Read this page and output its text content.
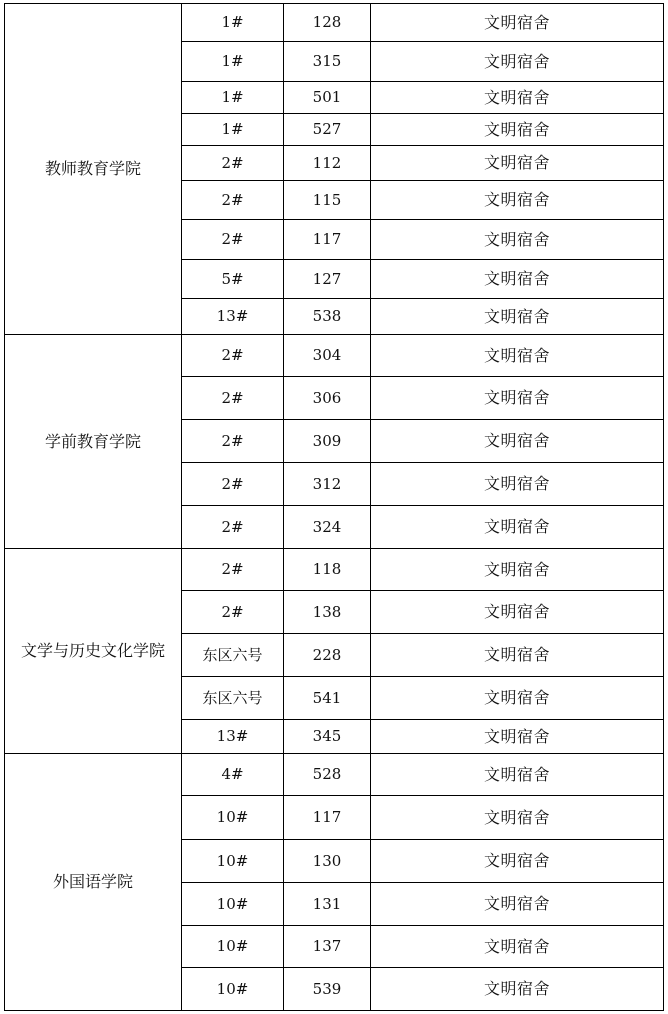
教师教育学院	1#	128	文明宿舍
	1#	315	文明宿舍
	1#	501	文明宿舍
	1#	527	文明宿舍
	2#	112	文明宿舍
	2#	115	文明宿舍
	2#	117	文明宿舍
	5#	127	文明宿舍
	13#	538	文明宿舍
学前教育学院	2#	304	文明宿舍
	2#	306	文明宿舍
	2#	309	文明宿舍
	2#	312	文明宿舍
	2#	324	文明宿舍
文学与历史文化学院	2#	118	文明宿舍
	2#	138	文明宿舍
	东区六号	228	文明宿舍
	东区六号	541	文明宿舍
	13#	345	文明宿舍
外国语学院	4#	528	文明宿舍
	10#	117	文明宿舍
	10#	130	文明宿舍
	10#	131	文明宿舍
	10#	137	文明宿舍
	10#	539	文明宿舍
